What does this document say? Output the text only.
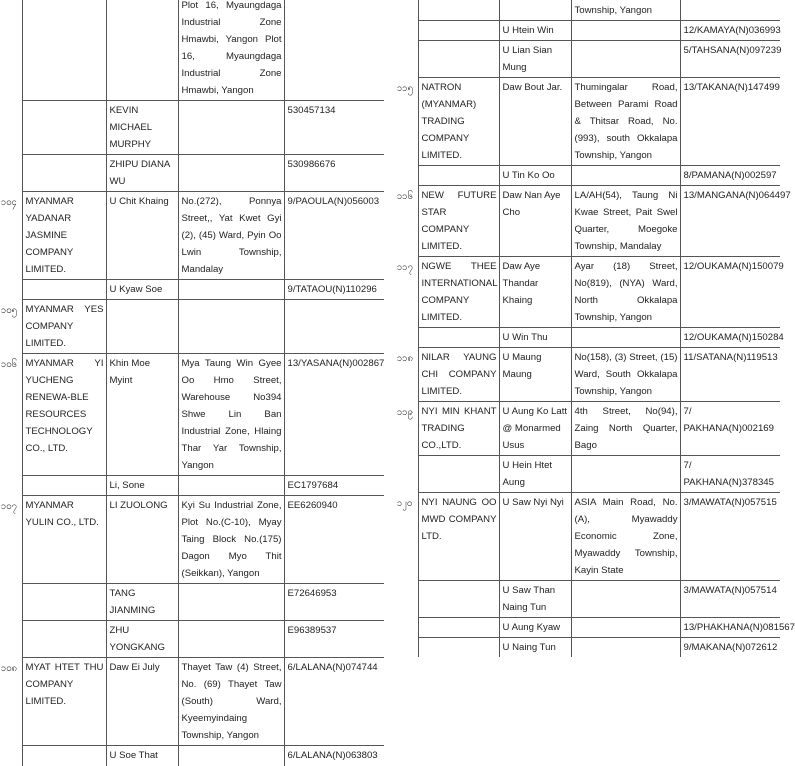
			Plot 16, Myaungdaga Industrial Zone Hmawbi, Yangon Plot 16, Myaungdaga Industrial Zone Hmawbi, Yangon	
		KEVIN MICHAEL MURPHY		530457134
		ZHIPU DIANA WU		530986676
၁၀၄	MYANMAR YADANAR JASMINE COMPANY LIMITED.	U Chit Khaing	No.(272), Ponnya Street,, Yat Kwet Gyi (2), (45) Ward, Pyin Oo Lwin Township, Mandalay	9/PAOULA(N)056003
		U Kyaw Soe		9/TATAOU(N)110296
၁၀၅	MYANMAR YES COMPANY LIMITED.			
၁၀၆	MYANMAR YI YUCHENG RENEWA-BLE RESOURCES TECHNOLOGY CO., LTD.	Khin Moe Myint	Mya Taung Win Gyee Oo Hmo Street, Warehouse No394 Shwe Lin Ban Industrial Zone, Hlaing Thar Yar Township, Yangon	13/YASANA(N)002867
		Li, Sone		EC1797684
၁၀၇	MYANMAR YULIN CO., LTD.	LI ZUOLONG	Kyi Su Industrial Zone, Plot No.(C-10), Myay Taing Block No.(175) Dagon Myo Thit (Seikkan), Yangon	EE6260940
		TANG JIANMING		E72646953
		ZHU YONGKANG		E96389537
၁၀၈	MYAT HTET THU COMPANY LIMITED.	Daw Ei July	Thayet Taw (4) Street, No. (69) Thayet Taw (South) Ward, Kyeemyindaing Township, Yangon	6/LALANA(N)074744
		U Soe That		6/LALANA(N)063803
			Township, Yangon	
		U Htein Win		12/KAMAYA(N)036993
		U Lian Sian Mung		5/TAHSANA(N)097239
၁၁၅	NATRON (MYANMAR) TRADING COMPANY LIMITED.	Daw Bout Jar.	Thumingalar Road, Between Parami Road & Thitsar Road, No.(993), south Okkalapa Township, Yangon	13/TAKANA(N)147499
		U Tin Ko Oo		8/PAMANA(N)002597
၁၁၆	NEW FUTURE STAR COMPANY LIMITED.	Daw Nan Aye Cho	LA/AH(54), Taung Ni Kwae Street, Pait Swel Quarter, Moegoke Township, Mandalay	13/MANGANA(N)064497
၁၁၇	NGWE THEE INTERNATIONAL COMPANY LIMITED.	Daw Aye Thandar Khaing	Ayar (18) Street, No(819), (NYA) Ward, North Okkalapa Township, Yangon	12/OUKAMA(N)150079
		U Win Thu		12/OUKAMA(N)150284
၁၁၈	NILAR YAUNG CHI COMPANY LIMITED.	U Maung Maung	No(158), (3) Street, (15) Ward, South Okkalapa Township, Yangon	11/SATANA(N)119513
၁၁၉	NYI MIN KHANT TRADING CO.,LTD.	U Aung Ko Latt @ Monarmed Usus	4th Street, No(94), Zaing North Quarter, Bago	7/ PAKHANA(N)002169
		U Hein Htet Aung		7/ PAKHANA(N)378345
၁၂၀	NYI NAUNG OO MWD COMPANY LTD.	U Saw Nyi Nyi	ASIA Main Road, No. (A), Myawaddy Economic Zone, Myawaddy Township, Kayin State	3/MAWATA(N)057515
		U Saw Than Naing Tun		3/MAWATA(N)057514
		U Aung Kyaw		13/PHAKHANA(N)081567
		U Naing Tun		9/MAKANA(N)072612
